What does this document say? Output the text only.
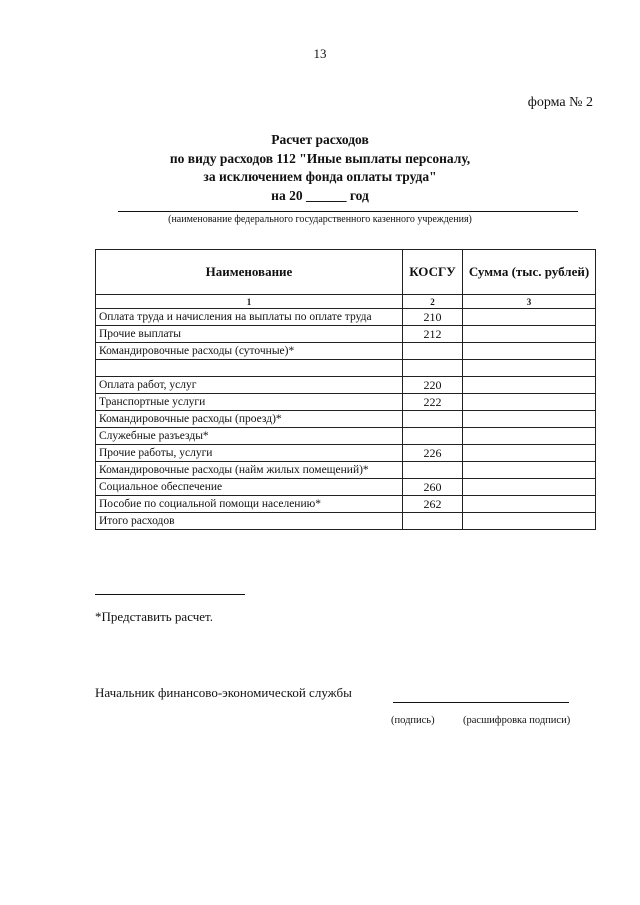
13
форма № 2
Расчет расходов
по виду расходов 112 "Иные выплаты персоналу,
за исключением фонда оплаты труда"
на 20 ______ год
(наименование федерального государственного казенного учреждения)
Наименование	КОСГУ	Сумма (тыс. рублей)
1	2	3
Оплата труда и начисления на выплаты по оплате труда	210	
Прочие выплаты	212	
Командировочные расходы (суточные)*		

Оплата работ, услуг	220	
Транспортные услуги	222	
Командировочные расходы (проезд)*		
Служебные разъезды*		
Прочие работы, услуги	226	
Командировочные расходы (найм жилых помещений)*		
Социальное обеспечение	260	
Пособие по социальной помощи населению*	262	
Итого расходов		
*Представить расчет.
Начальник финансово-экономической службы
(подпись)	(расшифровка подписи)
